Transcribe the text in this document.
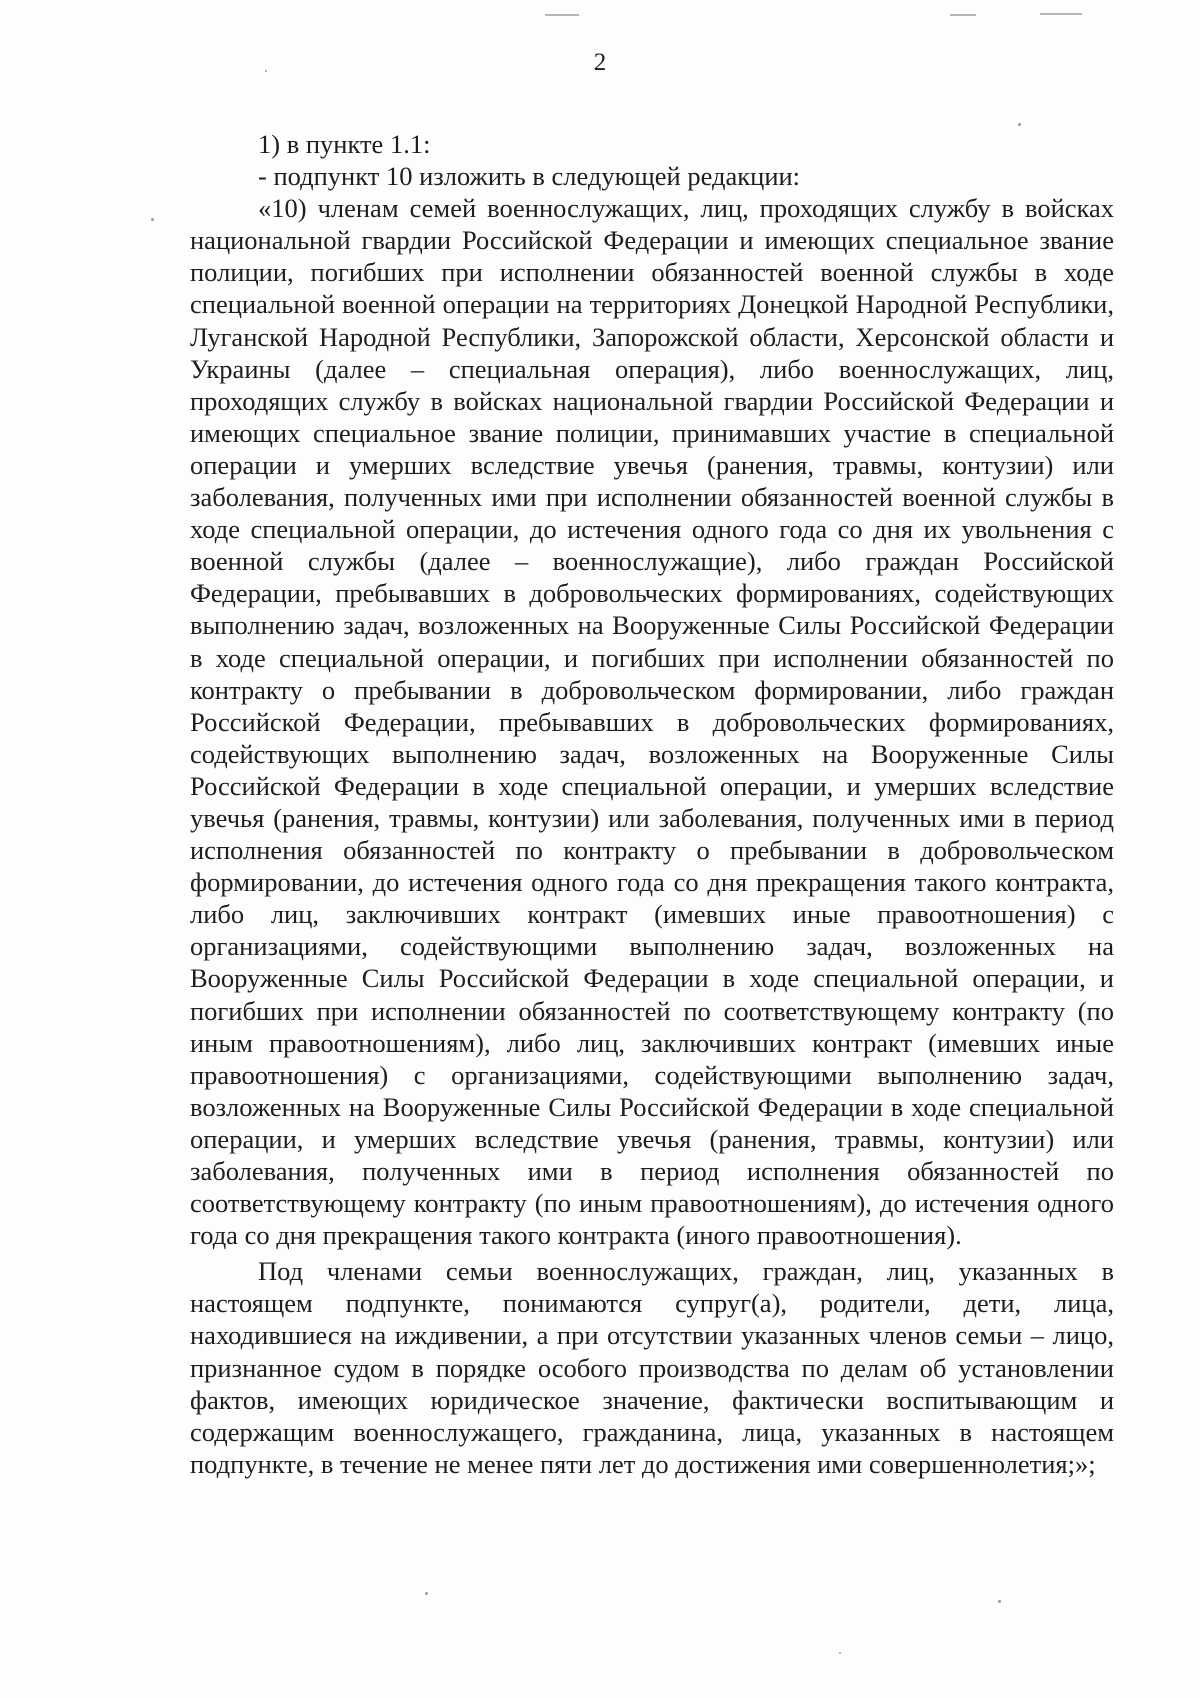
2

1) в пункте 1.1:

- подпункт 10 изложить в следующей редакции:

«10) членам семей военнослужащих, лиц, проходящих службу в войсках национальной гвардии Российской Федерации и имеющих специальное звание полиции, погибших при исполнении обязанностей военной службы в ходе специальной военной операции на территориях Донецкой Народной Республики, Луганской Народной Республики, Запорожской области, Херсонской области и Украины (далее – специальная операция), либо военнослужащих, лиц, проходящих службу в войсках национальной гвардии Российской Федерации и имеющих специальное звание полиции, принимавших участие в специальной операции и умерших вследствие увечья (ранения, травмы, контузии) или заболевания, полученных ими при исполнении обязанностей военной службы в ходе специальной операции, до истечения одного года со дня их увольнения с военной службы (далее – военнослужащие), либо граждан Российской Федерации, пребывавших в добровольческих формированиях, содействующих выполнению задач, возложенных на Вооруженные Силы Российской Федерации в ходе специальной операции, и погибших при исполнении обязанностей по контракту о пребывании в добровольческом формировании, либо граждан Российской Федерации, пребывавших в добровольческих формированиях, содействующих выполнению задач, возложенных на Вооруженные Силы Российской Федерации в ходе специальной операции, и умерших вследствие увечья (ранения, травмы, контузии) или заболевания, полученных ими в период исполнения обязанностей по контракту о пребывании в добровольческом формировании, до истечения одного года со дня прекращения такого контракта, либо лиц, заключивших контракт (имевших иные правоотношения) с организациями, содействующими выполнению задач, возложенных на Вооруженные Силы Российской Федерации в ходе специальной операции, и погибших при исполнении обязанностей по соответствующему контракту (по иным правоотношениям), либо лиц, заключивших контракт (имевших иные правоотношения) с организациями, содействующими выполнению задач, возложенных на Вооруженные Силы Российской Федерации в ходе специальной операции, и умерших вследствие увечья (ранения, травмы, контузии) или заболевания, полученных ими в период исполнения обязанностей по соответствующему контракту (по иным правоотношениям), до истечения одного года со дня прекращения такого контракта (иного правоотношения).

Под членами семьи военнослужащих, граждан, лиц, указанных в настоящем подпункте, понимаются супруг(а), родители, дети, лица, находившиеся на иждивении, а при отсутствии указанных членов семьи – лицо, признанное судом в порядке особого производства по делам об установлении фактов, имеющих юридическое значение, фактически воспитывающим и содержащим военнослужащего, гражданина, лица, указанных в настоящем подпункте, в течение не менее пяти лет до достижения ими совершеннолетия;»;
